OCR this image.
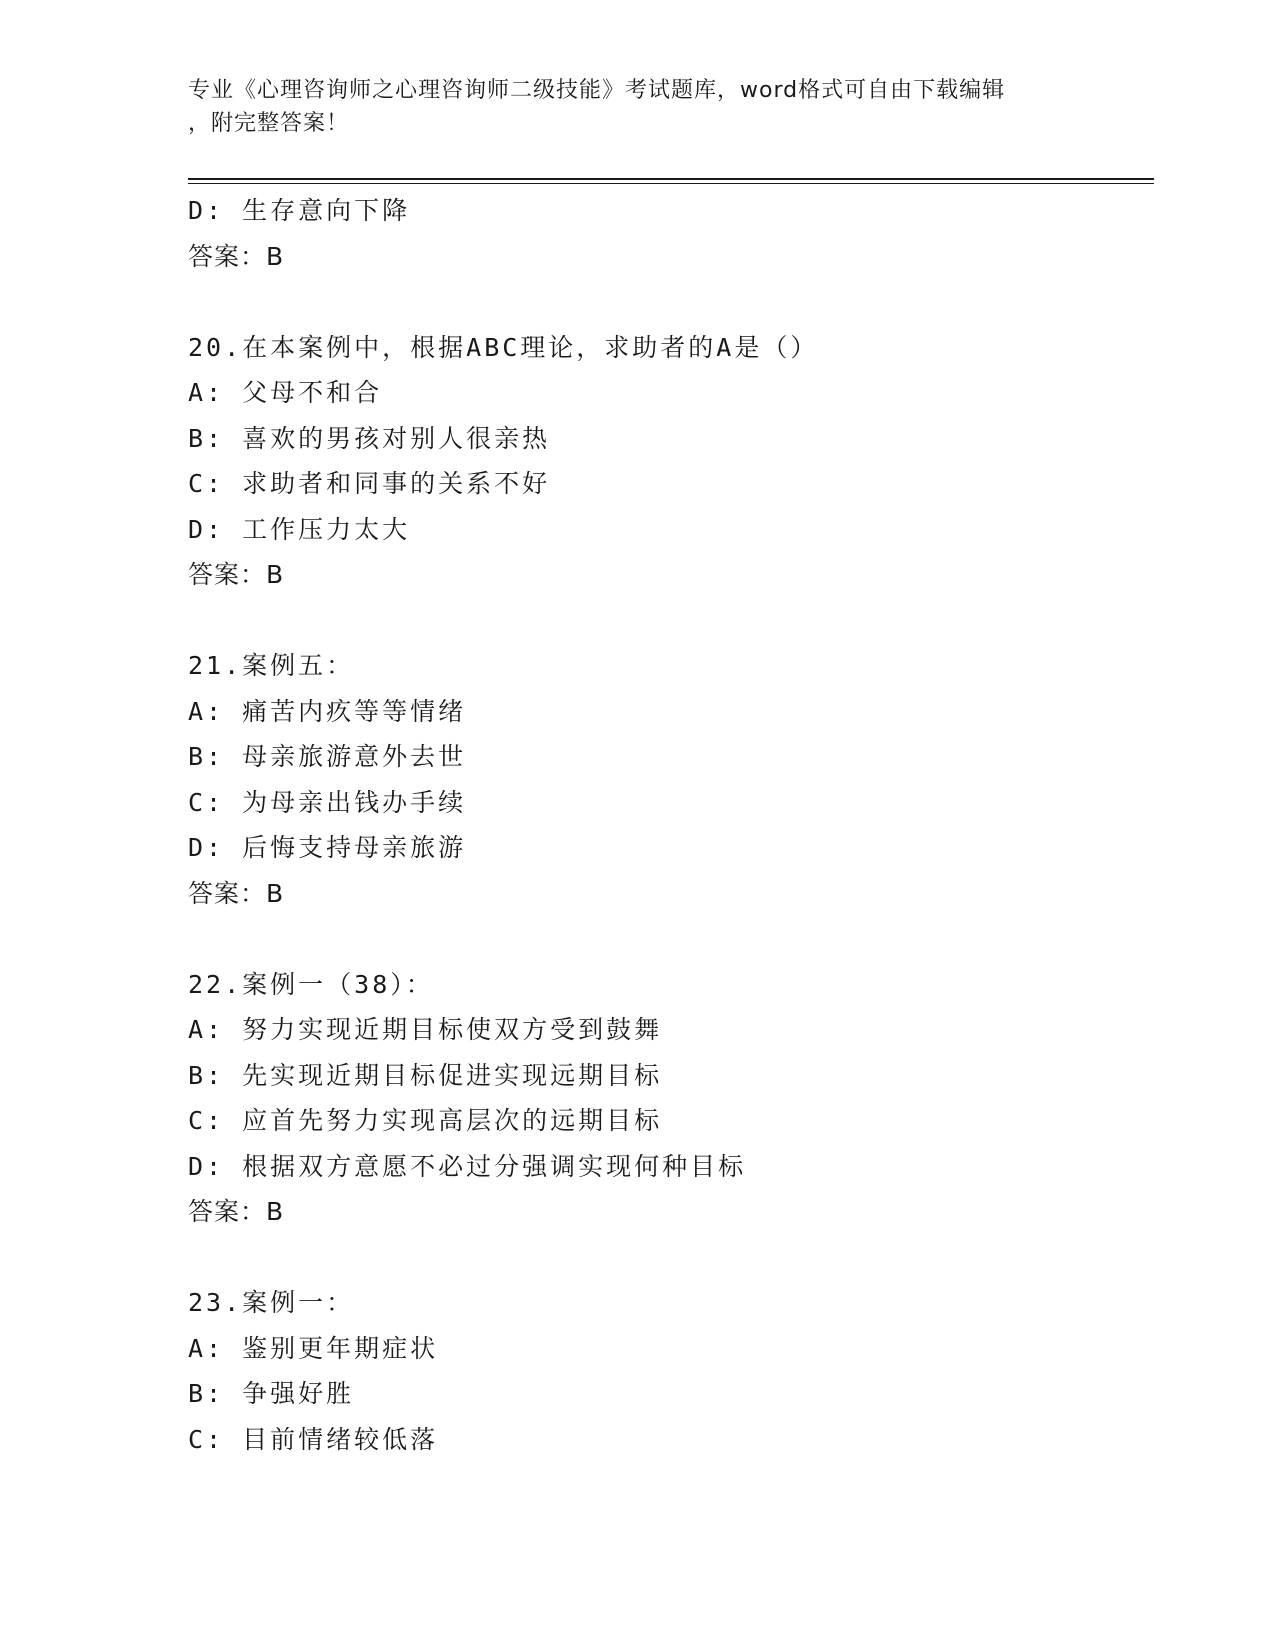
专业《心理咨询师之心理咨询师二级技能》考试题库，word格式可自由下载编辑
，附完整答案！
D: 生存意向下降
答案：B
20.在本案例中，根据ABC理论，求助者的A是（）
A: 父母不和合
B: 喜欢的男孩对别人很亲热
C: 求助者和同事的关系不好
D: 工作压力太大
答案：B
21.案例五：
A: 痛苦内疚等等情绪
B: 母亲旅游意外去世
C: 为母亲出钱办手续
D: 后悔支持母亲旅游
答案：B
22.案例一（38）：
A: 努力实现近期目标使双方受到鼓舞
B: 先实现近期目标促进实现远期目标
C: 应首先努力实现高层次的远期目标
D: 根据双方意愿不必过分强调实现何种目标
答案：B
23.案例一：
A: 鉴别更年期症状
B: 争强好胜
C: 目前情绪较低落
